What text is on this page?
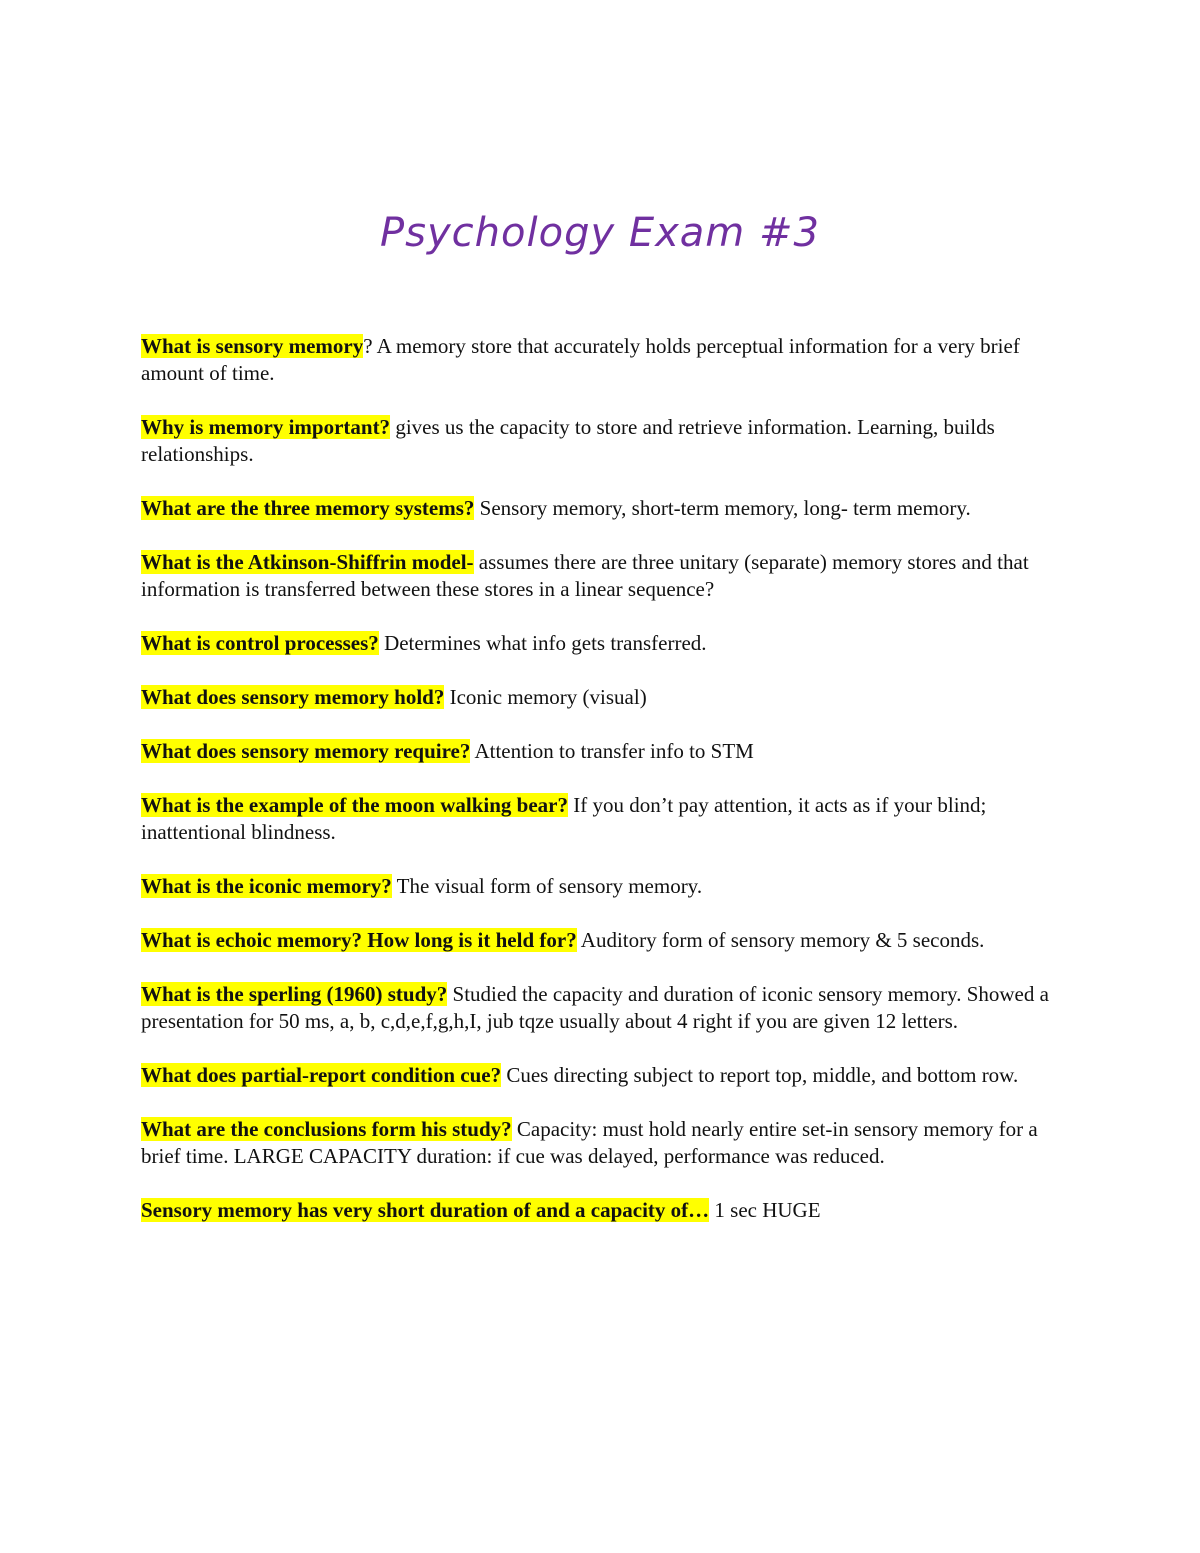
Psychology Exam #3

What is sensory memory? A memory store that accurately holds perceptual information for a very brief amount of time.

Why is memory important? gives us the capacity to store and retrieve information. Learning, builds relationships.

What are the three memory systems? Sensory memory, short-term memory, long- term memory.

What is the Atkinson-Shiffrin model- assumes there are three unitary (separate) memory stores and that information is transferred between these stores in a linear sequence?

What is control processes? Determines what info gets transferred.

What does sensory memory hold? Iconic memory (visual)

What does sensory memory require? Attention to transfer info to STM

What is the example of the moon walking bear? If you don’t pay attention, it acts as if your blind; inattentional blindness.

What is the iconic memory? The visual form of sensory memory.

What is echoic memory? How long is it held for? Auditory form of sensory memory & 5 seconds.

What is the sperling (1960) study? Studied the capacity and duration of iconic sensory memory. Showed a presentation for 50 ms, a, b, c,d,e,f,g,h,I, jub tqze usually about 4 right if you are given 12 letters.

What does partial-report condition cue? Cues directing subject to report top, middle, and bottom row.

What are the conclusions form his study? Capacity: must hold nearly entire set-in sensory memory for a brief time. LARGE CAPACITY duration: if cue was delayed, performance was reduced.

Sensory memory has very short duration of and a capacity of… 1 sec HUGE
